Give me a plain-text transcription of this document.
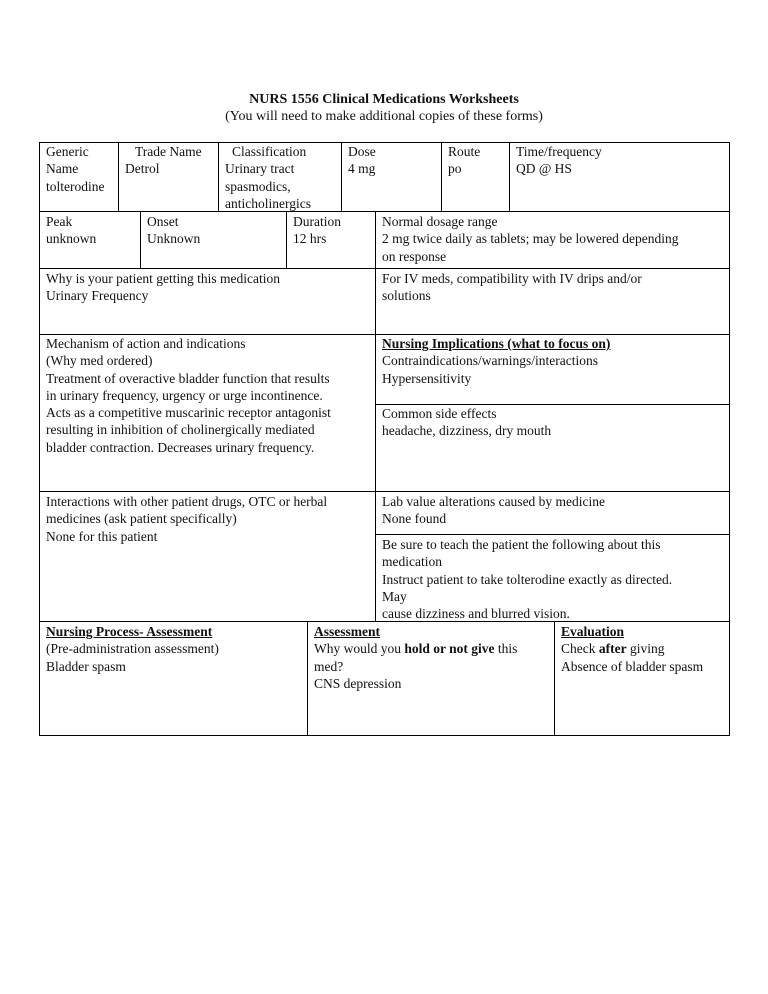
NURS 1556 Clinical Medications Worksheets
(You will need to make additional copies of these forms)
Generic
Name
tolterodine
Trade Name
Detrol
Classification
Urinary tract
spasmodics,
anticholinergics
Dose
4 mg
Route
po
Time/frequency
QD @ HS
Peak
unknown
Onset
Unknown
Duration
12 hrs
Normal dosage range
2 mg twice daily as tablets; may be lowered depending
on response
Why is your patient getting this medication
Urinary Frequency
For IV meds, compatibility with IV drips and/or
solutions
Mechanism of action and indications
(Why med ordered)
Treatment of overactive bladder function that results
in urinary frequency, urgency or urge incontinence.
Acts as a competitive muscarinic receptor antagonist
resulting in inhibition of cholinergically mediated
bladder contraction. Decreases urinary frequency.
Nursing Implications (what to focus on)
Contraindications/warnings/interactions
Hypersensitivity
Common side effects
headache, dizziness, dry mouth
Interactions with other patient drugs, OTC or herbal
medicines (ask patient specifically)
None for this patient
Lab value alterations caused by medicine
None found
Be sure to teach the patient the following about this
medication
Instruct patient to take tolterodine exactly as directed.
May
cause dizziness and blurred vision.
Nursing Process- Assessment
(Pre-administration assessment)
Bladder spasm
Assessment
Why would you hold or not give this
med?
CNS depression
Evaluation
Check after giving
Absence of bladder spasm
